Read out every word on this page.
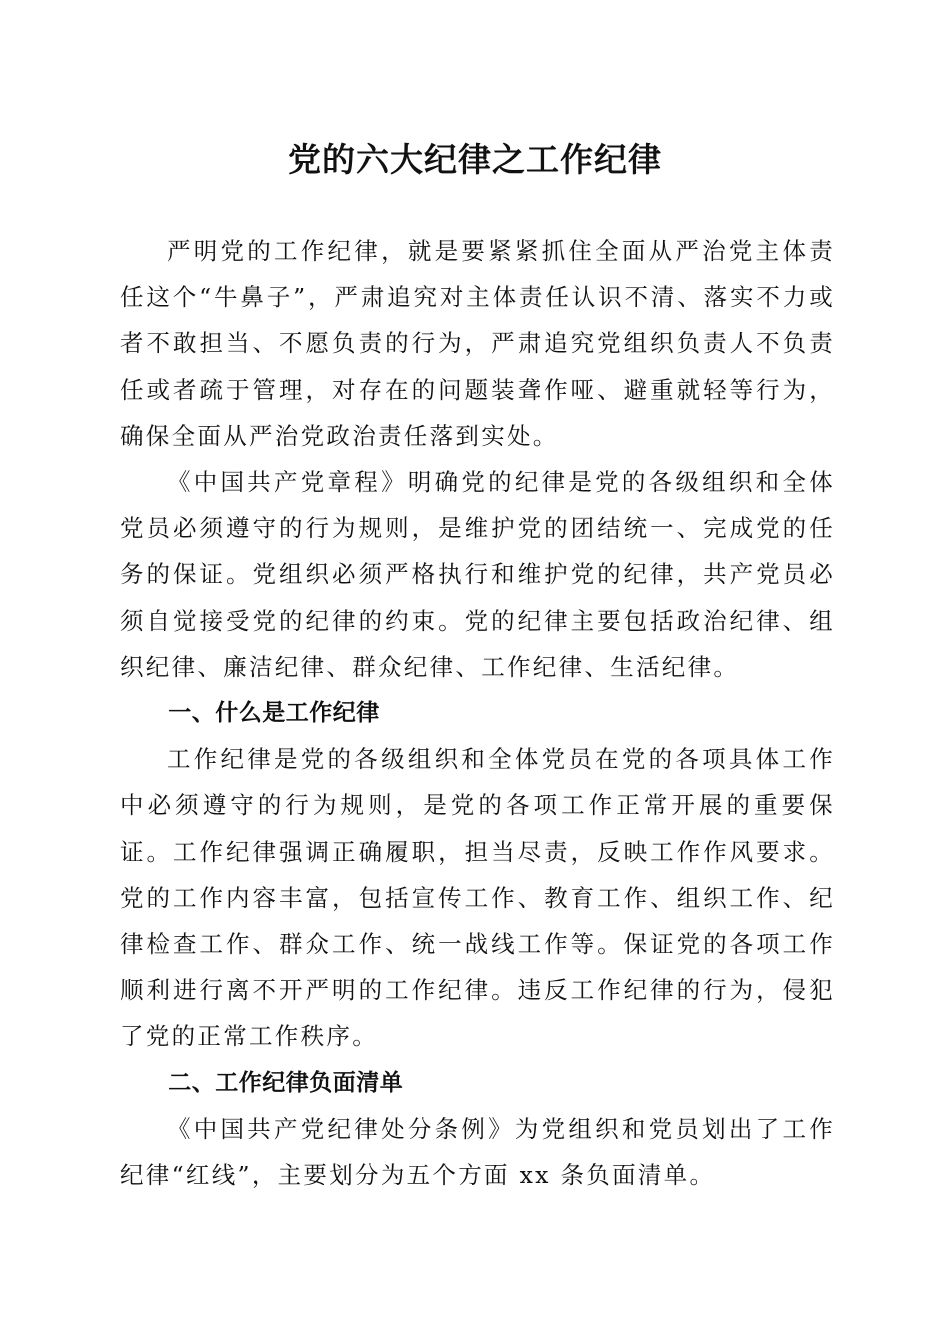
党的六大纪律之工作纪律

严明党的工作纪律，就是要紧紧抓住全面从严治党主体责任这个“牛鼻子”，严肃追究对主体责任认识不清、落实不力或者不敢担当、不愿负责的行为，严肃追究党组织负责人不负责任或者疏于管理，对存在的问题装聋作哑、避重就轻等行为，确保全面从严治党政治责任落到实处。

《中国共产党章程》明确党的纪律是党的各级组织和全体党员必须遵守的行为规则，是维护党的团结统一、完成党的任务的保证。党组织必须严格执行和维护党的纪律，共产党员必须自觉接受党的纪律的约束。党的纪律主要包括政治纪律、组织纪律、廉洁纪律、群众纪律、工作纪律、生活纪律。

一、什么是工作纪律

工作纪律是党的各级组织和全体党员在党的各项具体工作中必须遵守的行为规则，是党的各项工作正常开展的重要保证。工作纪律强调正确履职，担当尽责，反映工作作风要求。党的工作内容丰富，包括宣传工作、教育工作、组织工作、纪律检查工作、群众工作、统一战线工作等。保证党的各项工作顺利进行离不开严明的工作纪律。违反工作纪律的行为，侵犯了党的正常工作秩序。

二、工作纪律负面清单

《中国共产党纪律处分条例》为党组织和党员划出了工作纪律“红线”，主要划分为五个方面 xx 条负面清单。
